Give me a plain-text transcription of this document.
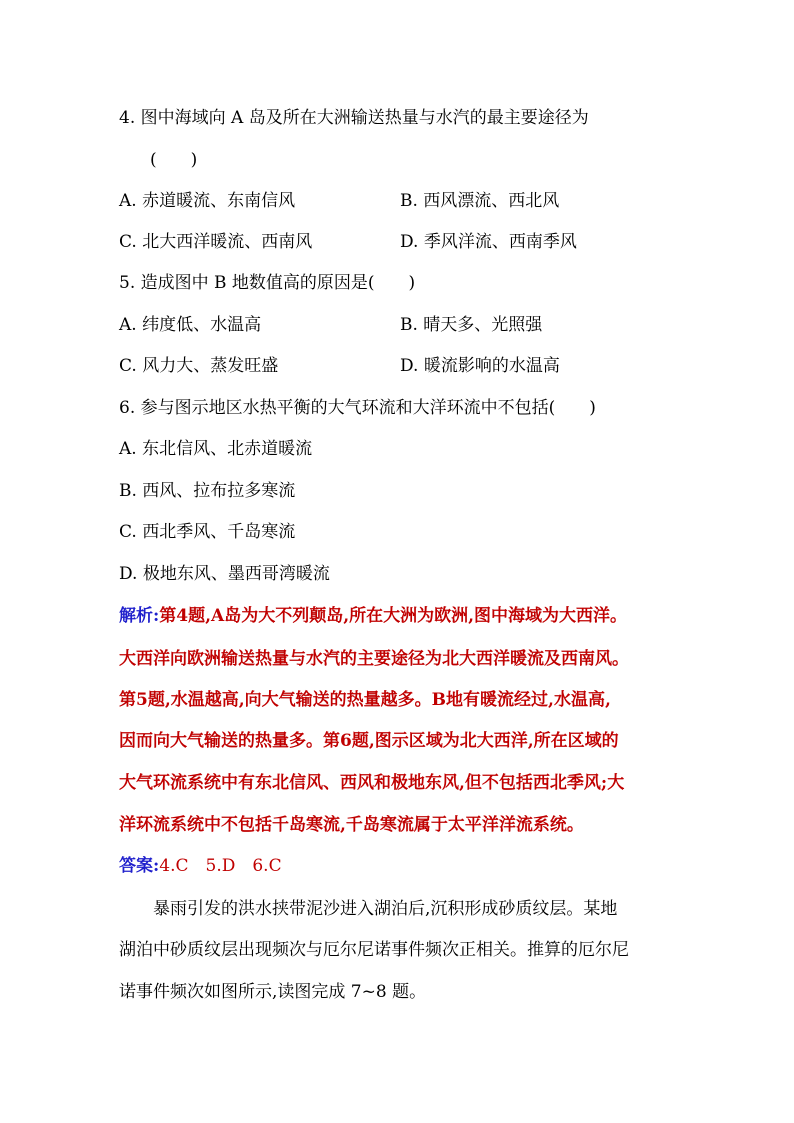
4. 图中海域向 A 岛及所在大洲输送热量与水汽的最主要途径为
(　　)
A. 赤道暖流、东南信风	B. 西风漂流、西北风
C. 北大西洋暖流、西南风	D. 季风洋流、西南季风
5. 造成图中 B 地数值高的原因是(　　)
A. 纬度低、水温高	B. 晴天多、光照强
C. 风力大、蒸发旺盛	D. 暖流影响的水温高
6. 参与图示地区水热平衡的大气环流和大洋环流中不包括(　　)
A. 东北信风、北赤道暖流
B. 西风、拉布拉多寒流
C. 西北季风、千岛寒流
D. 极地东风、墨西哥湾暖流
解析:第4题,A岛为大不列颠岛,所在大洲为欧洲,图中海域为大西洋。
大西洋向欧洲输送热量与水汽的主要途径为北大西洋暖流及西南风。
第5题,水温越高,向大气输送的热量越多。B地有暖流经过,水温高,
因而向大气输送的热量多。第6题,图示区域为北大西洋,所在区域的
大气环流系统中有东北信风、西风和极地东风,但不包括西北季风;大
洋环流系统中不包括千岛寒流,千岛寒流属于太平洋洋流系统。
答案:4.C　5.D　6.C
　　暴雨引发的洪水挟带泥沙进入湖泊后,沉积形成砂质纹层。某地
湖泊中砂质纹层出现频次与厄尔尼诺事件频次正相关。推算的厄尔尼
诺事件频次如图所示,读图完成 7~8 题。
